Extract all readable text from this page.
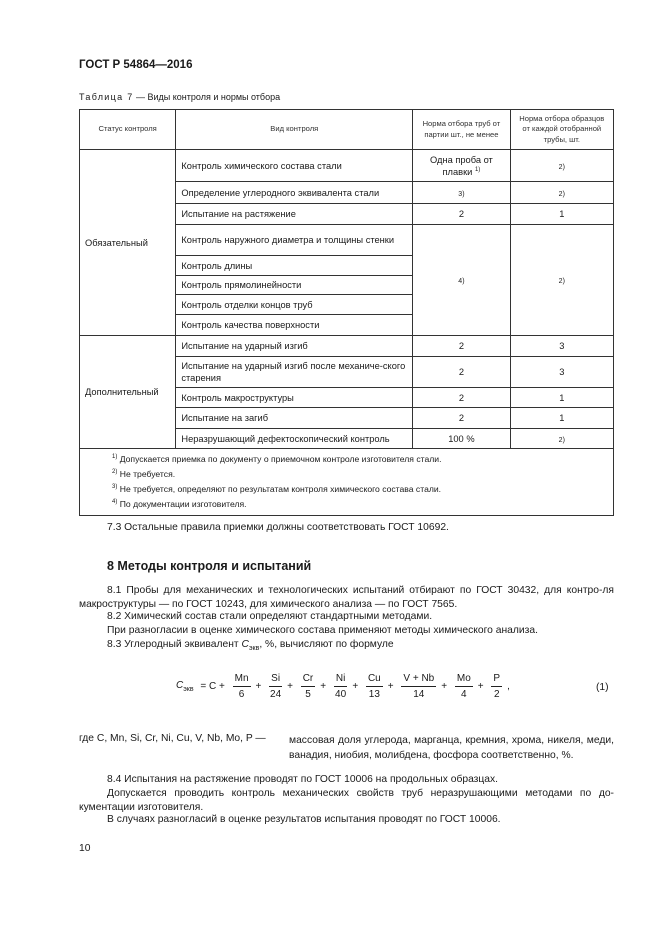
ГОСТ Р 54864—2016
Таблица 7 — Виды контроля и нормы отбора
Статус контроля	Вид контроля	Норма отбора труб от партии шт., не менее	Норма отбора образцов от каждой отобранной трубы, шт.

Обязательный	Контроль химического состава стали	Одна проба от плавки $^{1)}$	2)
	Определение углеродного эквивалента стали	3)	2)
	Испытание на растяжение	2	1
	Контроль наружного диаметра и толщины стенки	4)	2)
	Контроль длины		
	Контроль прямолинейности		
	Контроль отделки концов труб		
	Контроль качества поверхности		
Дополнительный	Испытание на ударный изгиб	2	3
	Испытание на ударный изгиб после механиче-ского старения	2	3
	Контроль макроструктуры	2	1
	Испытание на загиб	2	1
	Неразрушающий дефектоскопический контроль	100 %	2)

$^{1)}$ Допускается приемка по документу о приемочном контроле изготовителя стали.
$^{2)}$ Не требуется.
$^{3)}$ Не требуется, определяют по результатам контроля химического состава стали.
$^{4)}$ По документации изготовителя.			
7.3 Остальные правила приемки должны соответствовать ГОСТ 10692.
8 Методы контроля и испытаний
8.1 Пробы для механических и технологических испытаний отбирают по ГОСТ 30432, для контро-ля макроструктуры — по ГОСТ 10243, для химического анализа — по ГОСТ 7565.
8.2 Химический состав стали определяют стандартными методами.
При разногласии в оценке химического состава применяют методы химического анализа.
8.3 Углеродный эквивалент $C_{экв}$, %, вычисляют по формуле
$C_{экв} = C + \frac{Mn}{6} + \frac{Si}{24} + \frac{Cr}{5} + \frac{Ni}{40} + \frac{Cu}{13} + \frac{V + Nb}{14} + \frac{Mo}{4} + \frac{P}{2}$ ,	(1)
где C, Mn, Si, Cr, Ni, Cu, V, Nb, Mo, P —	массовая доля углерода, марганца, кремния, хрома, никеля, меди, ванадия, ниобия, молибдена, фосфора соответственно, %.
8.4 Испытания на растяжение проводят по ГОСТ 10006 на продольных образцах.
Допускается проводить контроль механических свойств труб неразрушающими методами по до-кументации изготовителя.
В случаях разногласий в оценке результатов испытания проводят по ГОСТ 10006.
10
